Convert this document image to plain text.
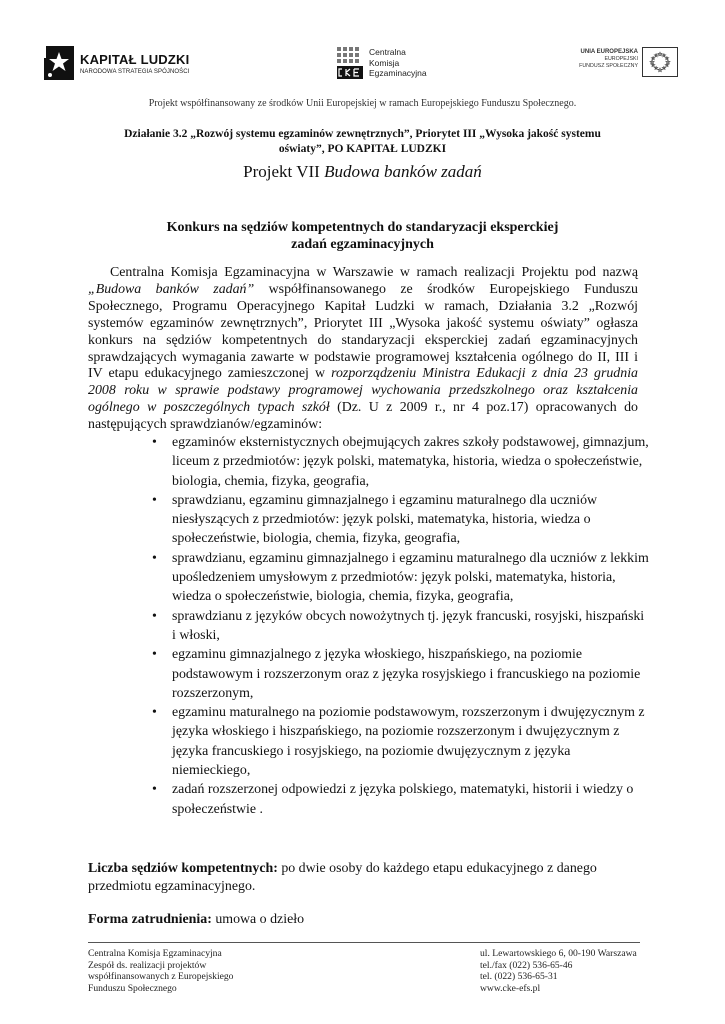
KAPITAŁ LUDZKI
NARODOWA STRATEGIA SPÓJNOŚCI
Centralna
Komisja
Egzaminacyjna
UNIA EUROPEJSKA
EUROPEJSKI
FUNDUSZ SPOŁECZNY
Projekt współfinansowany ze środków Unii Europejskiej w ramach Europejskiego Funduszu Społecznego.
Działanie 3.2 „Rozwój systemu egzaminów zewnętrznych”, Priorytet III „Wysoka jakość systemu
oświaty”, PO KAPITAŁ LUDZKI
Projekt VII Budowa banków zadań
Konkurs na sędziów kompetentnych do standaryzacji eksperckiej
zadań egzaminacyjnych
Centralna Komisja Egzaminacyjna w Warszawie w ramach realizacji Projektu pod nazwą „Budowa banków zadań” współfinansowanego ze środków Europejskiego Funduszu Społecznego, Programu Operacyjnego Kapitał Ludzki w ramach, Działania 3.2 „Rozwój systemów egzaminów zewnętrznych”, Priorytet III „Wysoka jakość systemu oświaty” ogłasza konkurs na sędziów kompetentnych do standaryzacji eksperckiej zadań egzaminacyjnych sprawdzających wymagania zawarte w podstawie programowej kształcenia ogólnego do II, III i IV etapu edukacyjnego zamieszczonej w rozporządzeniu Ministra Edukacji z dnia 23 grudnia 2008 roku w sprawie podstawy programowej wychowania przedszkolnego oraz kształcenia ogólnego w poszczególnych typach szkół (Dz. U z 2009 r., nr 4 poz.17) opracowanych do następujących sprawdzianów/egzaminów:
• egzaminów eksternistycznych obejmujących zakres szkoły podstawowej, gimnazjum, liceum z przedmiotów: język polski, matematyka, historia, wiedza o społeczeństwie, biologia, chemia, fizyka, geografia,
• sprawdzianu, egzaminu gimnazjalnego i egzaminu maturalnego dla uczniów niesłyszących z przedmiotów: język polski, matematyka, historia, wiedza o społeczeństwie, biologia, chemia, fizyka, geografia,
• sprawdzianu, egzaminu gimnazjalnego i egzaminu maturalnego dla uczniów z lekkim upośledzeniem umysłowym z przedmiotów: język polski, matematyka, historia, wiedza o społeczeństwie, biologia, chemia, fizyka, geografia,
• sprawdzianu z języków obcych nowożytnych tj. język francuski, rosyjski, hiszpański i włoski,
• egzaminu gimnazjalnego z języka włoskiego, hiszpańskiego, na poziomie podstawowym i rozszerzonym oraz z języka rosyjskiego i francuskiego na poziomie rozszerzonym,
• egzaminu maturalnego na poziomie podstawowym, rozszerzonym i dwujęzycznym z języka włoskiego i hiszpańskiego, na poziomie rozszerzonym i dwujęzycznym z języka francuskiego i rosyjskiego, na poziomie dwujęzycznym z języka niemieckiego,
• zadań rozszerzonej odpowiedzi z języka polskiego, matematyki, historii i wiedzy o społeczeństwie .
Liczba sędziów kompetentnych: po dwie osoby do każdego etapu edukacyjnego z danego przedmiotu egzaminacyjnego.
Forma zatrudnienia: umowa o dzieło
Centralna Komisja Egzaminacyjna
Zespół ds. realizacji projektów
współfinansowanych z Europejskiego
Funduszu Społecznego
ul. Lewartowskiego 6, 00-190 Warszawa
tel./fax (022) 536-65-46
tel. (022) 536-65-31
www.cke-efs.pl
